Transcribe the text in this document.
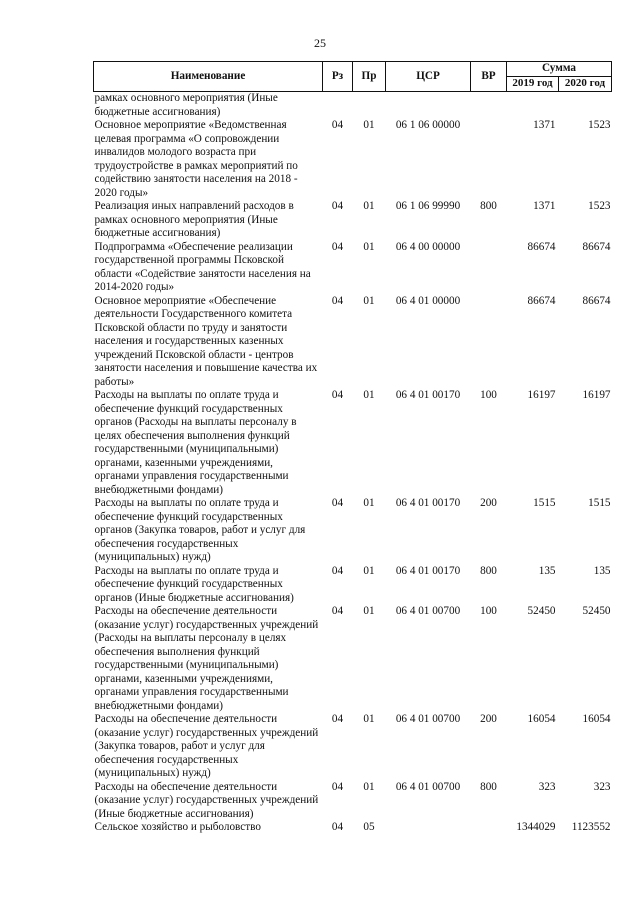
25
Наименование	Рз	Пр	ЦСР	ВР	Сумма	
					2019 год	2020 год
рамках основного мероприятия (Иные бюджетные ассигнования)						
Основное мероприятие «Ведомственная целевая программа «О сопровождении инвалидов молодого возраста при трудоустройстве в рамках мероприятий по содействию занятости населения на 2018 - 2020 годы»	04	01	06 1 06 00000		1371	1523
Реализация иных направлений расходов в рамках основного мероприятия (Иные бюджетные ассигнования)	04	01	06 1 06 99990	800	1371	1523
Подпрограмма «Обеспечение реализации государственной программы Псковской области «Содействие занятости населения на 2014-2020 годы»	04	01	06 4 00 00000		86674	86674
Основное мероприятие «Обеспечение деятельности Государственного комитета Псковской области по труду и занятости населения и государственных казенных учреждений Псковской области - центров занятости населения и повышение качества их работы»	04	01	06 4 01 00000		86674	86674
Расходы на выплаты по оплате труда и обеспечение функций государственных органов (Расходы на выплаты персоналу в целях обеспечения выполнения функций государственными (муниципальными) органами, казенными учреждениями, органами управления государственными внебюджетными фондами)	04	01	06 4 01 00170	100	16197	16197
Расходы на выплаты по оплате труда и обеспечение функций государственных органов (Закупка товаров, работ и услуг для обеспечения государственных (муниципальных) нужд)	04	01	06 4 01 00170	200	1515	1515
Расходы на выплаты по оплате труда и обеспечение функций государственных органов (Иные бюджетные ассигнования)	04	01	06 4 01 00170	800	135	135
Расходы на обеспечение деятельности (оказание услуг) государственных учреждений (Расходы на выплаты персоналу в целях обеспечения выполнения функций государственными (муниципальными) органами, казенными учреждениями, органами управления государственными внебюджетными фондами)	04	01	06 4 01 00700	100	52450	52450
Расходы на обеспечение деятельности (оказание услуг) государственных учреждений (Закупка товаров, работ и услуг для обеспечения государственных (муниципальных) нужд)	04	01	06 4 01 00700	200	16054	16054
Расходы на обеспечение деятельности (оказание услуг) государственных учреждений (Иные бюджетные ассигнования)	04	01	06 4 01 00700	800	323	323
Сельское хозяйство и рыболовство	04	05			1344029	1123552
